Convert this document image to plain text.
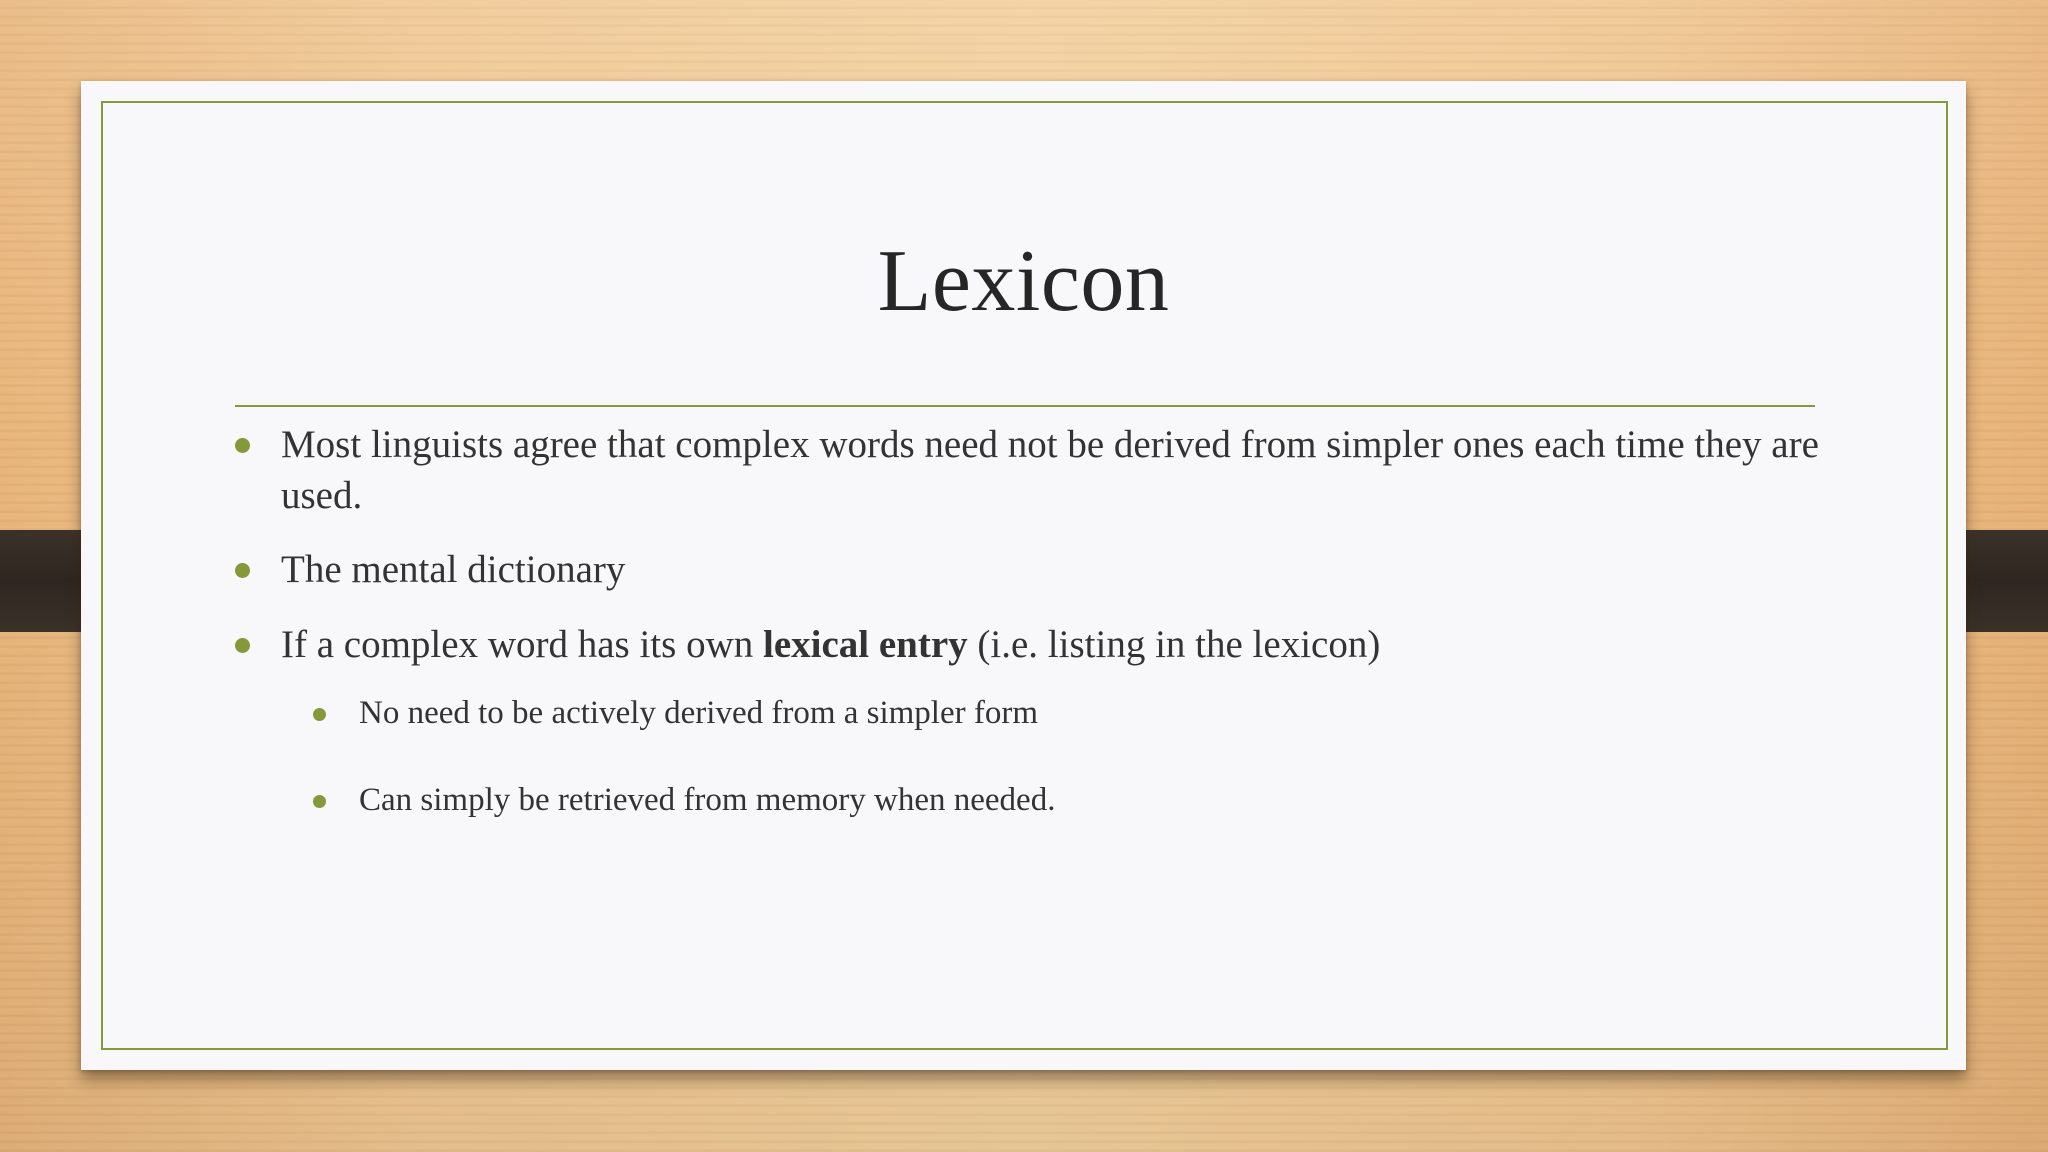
Lexicon
Most linguists agree that complex words need not be derived from simpler ones each time they are used.
The mental dictionary
If a complex word has its own lexical entry (i.e. listing in the lexicon)
No need to be actively derived from a simpler form
Can simply be retrieved from memory when needed.
